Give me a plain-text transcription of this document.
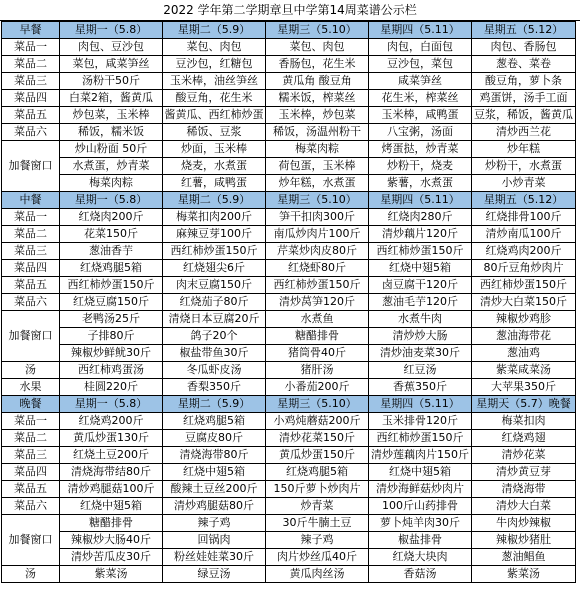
2022 学年第二学期章旦中学第14周菜谱公示栏
早餐	星期一（5.8）	星期二（5.9）	星期三（5.10）	星期四（5.11）	星期五（5.12）
菜品一	肉包、豆沙包	菜包、肉包	菜包、肉包	肉包，白面包	肉包、香肠包
菜品二	菜包，咸菜笋丝	豆沙包，红糖包	香肠包，花生米	豆沙包，菜包	葱卷、菜卷
菜品三	汤粉干50斤	玉米棒，油丝笋丝	黄瓜角 酸豆角	咸菜笋丝	酸豆角，萝卜条
菜品四	白菜2箱，酱黄瓜	酸豆角，花生米	糯米饭，榨菜丝	花生米，榨菜丝	鸡蛋饼，汤手工面
菜品五	炒包菜，玉米棒	酱黄瓜、西红柿炒蛋	玉米棒，炒包菜	玉米棒，咸鸭蛋	豆浆，稀饭，酱黄瓜
菜品六	稀饭，糯米饭	稀饭、豆浆	稀饭，汤温州粉干	八宝粥，汤面	清炒西兰花
加餐窗口	炒山粉面 50斤	炒面，玉米棒	梅菜肉粽	烤蛋挞，炒青菜	炒年糕
	水煮蛋，炒青菜	烧麦，水煮蛋	荷包蛋，玉米棒	炒粉干，烧麦	炒粉干，水煮蛋
	梅菜肉粽	红薯，咸鸭蛋	炒年糕，水煮蛋	紫薯，水煮蛋	小炒青菜
中餐	星期一（5.8）	星期二（5.9）	星期三（5.10）	星期四（5.11）	星期五（5.12）
菜品一	红烧肉200斤	梅菜扣肉200斤	笋干扣肉300斤	红烧肉280斤	红烧排骨100斤
菜品二	花菜150斤	麻辣豆芽100斤	南瓜炒肉片100斤	清炒藕片120斤	清炒南瓜100斤
菜品三	葱油香芋	西红柿炒蛋150斤	芹菜炒肉皮80斤	西红柿炒蛋150斤	红烧鸡肉200斤
菜品四	红烧鸡腿5箱	红烧翅尖6斤	红烧虾80斤	红烧中翅5箱	80斤豆角炒肉片
菜品五	西红柿炒蛋150斤	肉末豆腐150斤	西红柿炒蛋150斤	卤豆腐干120斤	西红柿炒蛋150斤
菜品六	红烧豆腐150斤	红烧茄子80斤	清炒莴笋120斤	葱油毛芋120斤	清炒大白菜150斤
加餐窗口	老鸭汤25斤	清烧日本豆腐20斤	水煮鱼	水煮牛肉	辣椒炒鸡胗
	子排80斤	鸽子20个	糖醋排骨	清炒炒大肠	葱油海带花
	辣椒炒鲜鱿30斤	椒盐带鱼30斤	猪筒骨40斤	清炒油麦菜30斤	葱油鸡
汤	西红柿鸡蛋汤	冬瓜虾皮汤	猪肝汤	红豆汤	紫菜咸菜汤
水果	桂圆220斤	香梨350斤	小番茄200斤	香蕉350斤	大苹果350斤
晚餐	星期一（5.8）	星期二（5.9）	星期三（5.10）	星期四（5.11）	星期天（5.7）晚餐
菜品一	红烧鸡200斤	红烧鸡腿5箱	小鸡炖蘑菇200斤	玉米排骨120斤	梅菜扣肉
菜品二	黄瓜炒蛋130斤	豆腐皮80斤	清炒花菜150斤	西红柿炒蛋150斤	红烧鸡翅
菜品三	红烧土豆200斤	清烧海带80斤	黄瓜炒蛋150斤	清炒莲藕肉片150斤	清炒花菜
菜品四	清烧海带结80斤	红烧中翅5箱	红烧鸡腿5箱	红烧中翅5箱	清炒黄豆芽
菜品五	清炒鸡腿菇100斤	酸辣土豆丝200斤	150斤萝卜炒肉片	清炒海鲜菇炒肉片	清烧海带
菜品六	红烧中翅5箱	清炒鸡腿菇80斤	炒青菜	100斤山药排骨	清炒大白菜
加餐窗口	糖醋排骨	辣子鸡	30斤牛腩土豆	萝卜炖羊肉30斤	牛肉炒辣椒
	辣椒炒大肠40斤	回锅肉	辣子鸡	椒盐排骨	辣椒炒猪肚
	清炒苦瓜皮30斤	粉丝娃娃菜30斤	肉片炒丝瓜40斤	红烧大块肉	葱油鲳鱼
汤	紫菜汤	绿豆汤	黄瓜肉丝汤	香菇汤	紫菜汤
